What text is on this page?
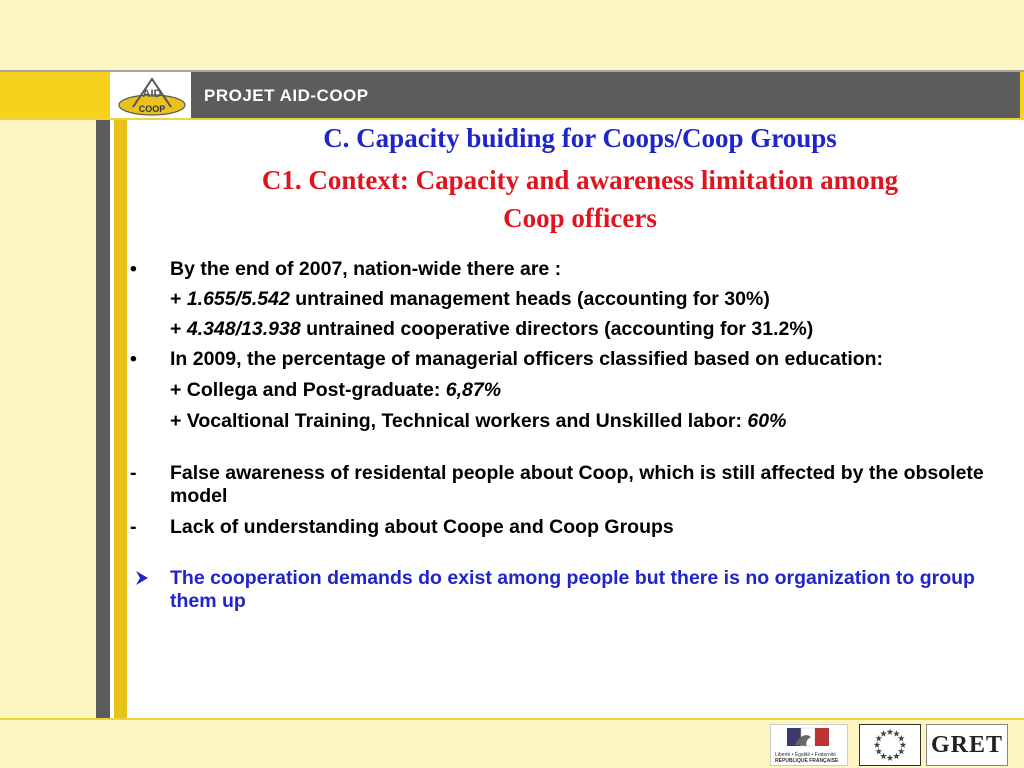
AID
COOP
PROJET AID-COOP
C. Capacity buiding for Coops/Coop Groups
C1. Context: Capacity and awareness limitation among
Coop officers
•	By the end of 2007, nation-wide there are :
+ 1.655/5.542 untrained management heads (accounting for 30%)
+ 4.348/13.938 untrained cooperative directors (accounting for 31.2%)
•	In 2009, the percentage of managerial officers classified based on education:
+ Collega and Post-graduate: 6,87%
+ Vocaltional Training, Technical workers and Unskilled labor: 60%
-	False awareness of residental people about Coop, which is still affected by the obsolete model
-	Lack of understanding about Coope and Coop Groups
The cooperation demands do exist among people but there is no organization to group them up
Liberté • Égalité • Fraternité
RÉPUBLIQUE FRANÇAISE
GRET
